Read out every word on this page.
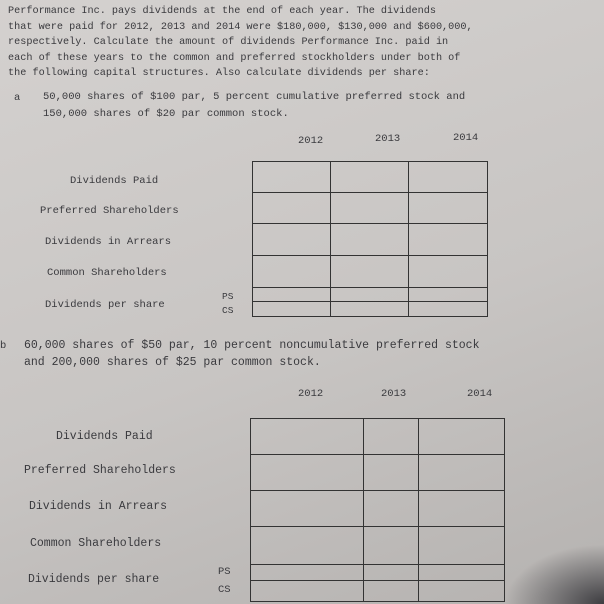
Performance Inc. pays dividends at the end of each year. The dividends
that were paid for 2012, 2013 and 2014 were $180,000, $130,000 and $600,000,
respectively. Calculate the amount of dividends Performance Inc. paid in
each of these years to the common and preferred stockholders under both of
the following capital structures. Also calculate dividends per share:
a 50,000 shares of $100 par, 5 percent cumulative preferred stock and
150,000 shares of $20 par common stock.
2012	2013	2014
Dividends Paid
Preferred Shareholders
Dividends in Arrears
Common Shareholders
Dividends per share
PS
CS
b 60,000 shares of $50 par, 10 percent noncumulative preferred stock
and 200,000 shares of $25 par common stock.
2012	2013	2014
Dividends Paid
Preferred Shareholders
Dividends in Arrears
Common Shareholders
Dividends per share
PS
CS
